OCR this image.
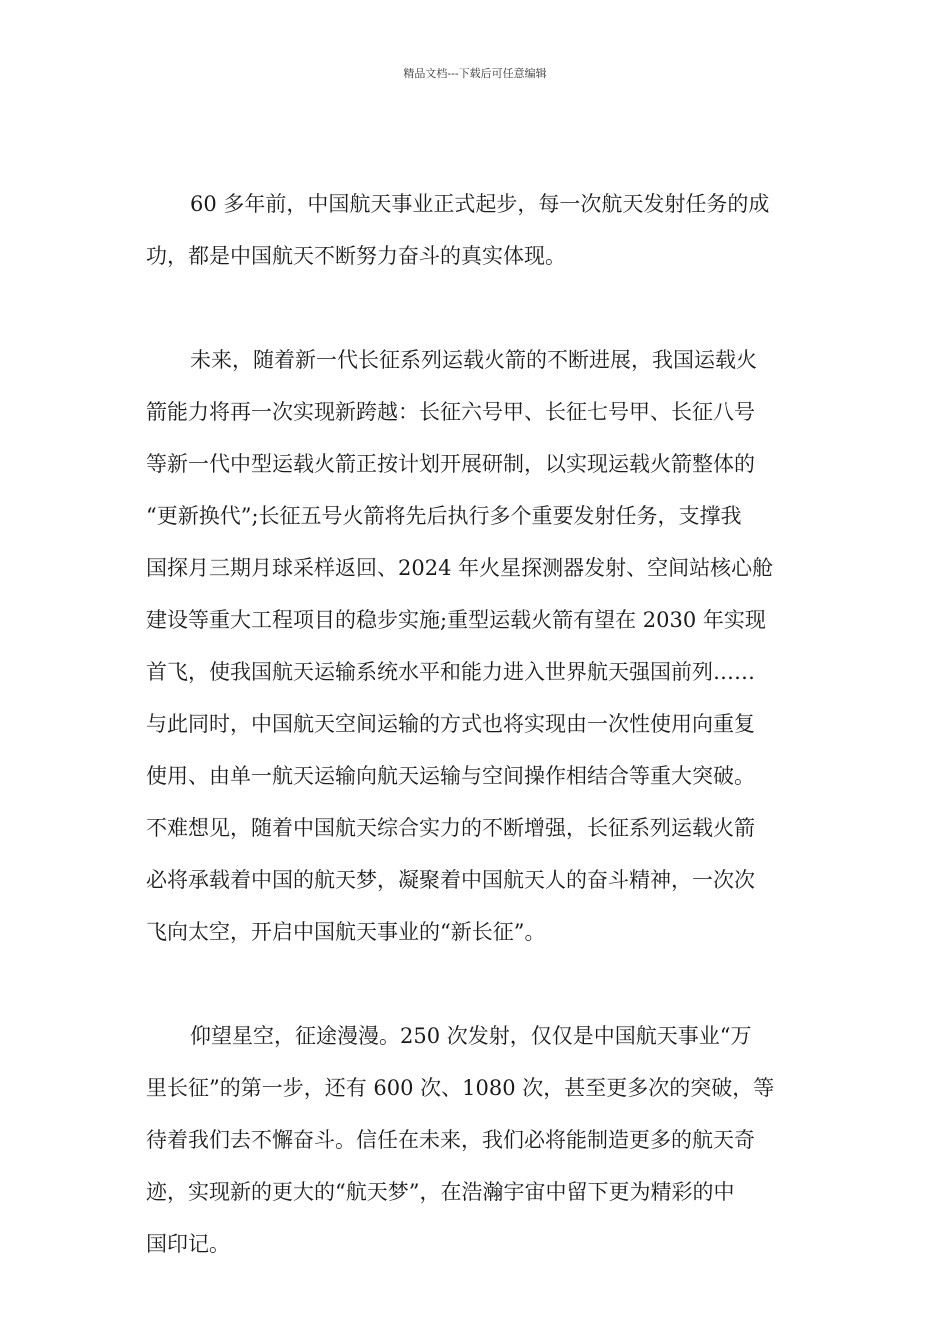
精品文档---下载后可任意编辑

60 多年前，中国航天事业正式起步，每一次航天发射任务的成
功，都是中国航天不断努力奋斗的真实体现。

未来，随着新一代长征系列运载火箭的不断进展，我国运载火
箭能力将再一次实现新跨越：长征六号甲、长征七号甲、长征八号
等新一代中型运载火箭正按计划开展研制，以实现运载火箭整体的
“更新换代”;长征五号火箭将先后执行多个重要发射任务，支撑我
国探月三期月球采样返回、2024 年火星探测器发射、空间站核心舱
建设等重大工程项目的稳步实施;重型运载火箭有望在 2030 年实现
首飞，使我国航天运输系统水平和能力进入世界航天强国前列……
与此同时，中国航天空间运输的方式也将实现由一次性使用向重复
使用、由单一航天运输向航天运输与空间操作相结合等重大突破。
不难想见，随着中国航天综合实力的不断增强，长征系列运载火箭
必将承载着中国的航天梦，凝聚着中国航天人的奋斗精神，一次次
飞向太空，开启中国航天事业的“新长征”。

仰望星空，征途漫漫。250 次发射，仅仅是中国航天事业“万
里长征”的第一步，还有 600 次、1080 次，甚至更多次的突破，等
待着我们去不懈奋斗。信任在未来，我们必将能制造更多的航天奇
迹，实现新的更大的“航天梦”，在浩瀚宇宙中留下更为精彩的中
国印记。
